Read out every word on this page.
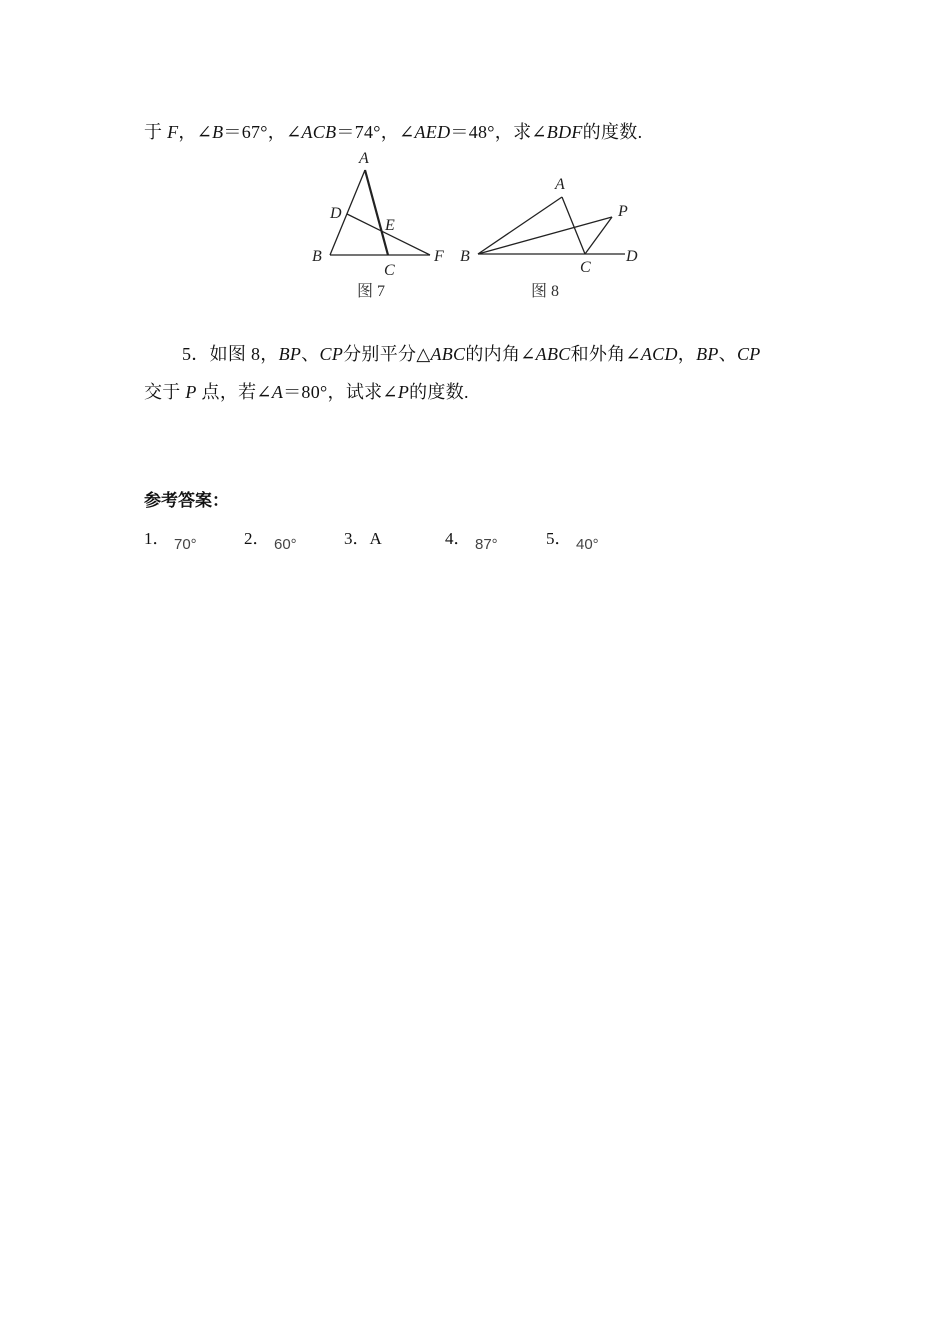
于 F，∠B＝67°，∠ACB＝74°，∠AED＝48°，求∠BDF的度数.
A
D
E
B
C
F
图 7
A
P
B
C
D
图 8
5．如图 8，BP、CP分别平分△ABC的内角∠ABC和外角∠ACD，BP、CP
交于 P 点，若∠A＝80°，试求∠P的度数.
参考答案：
1． 70°	2． 60°	3．A	4． 87°	5． 40°
